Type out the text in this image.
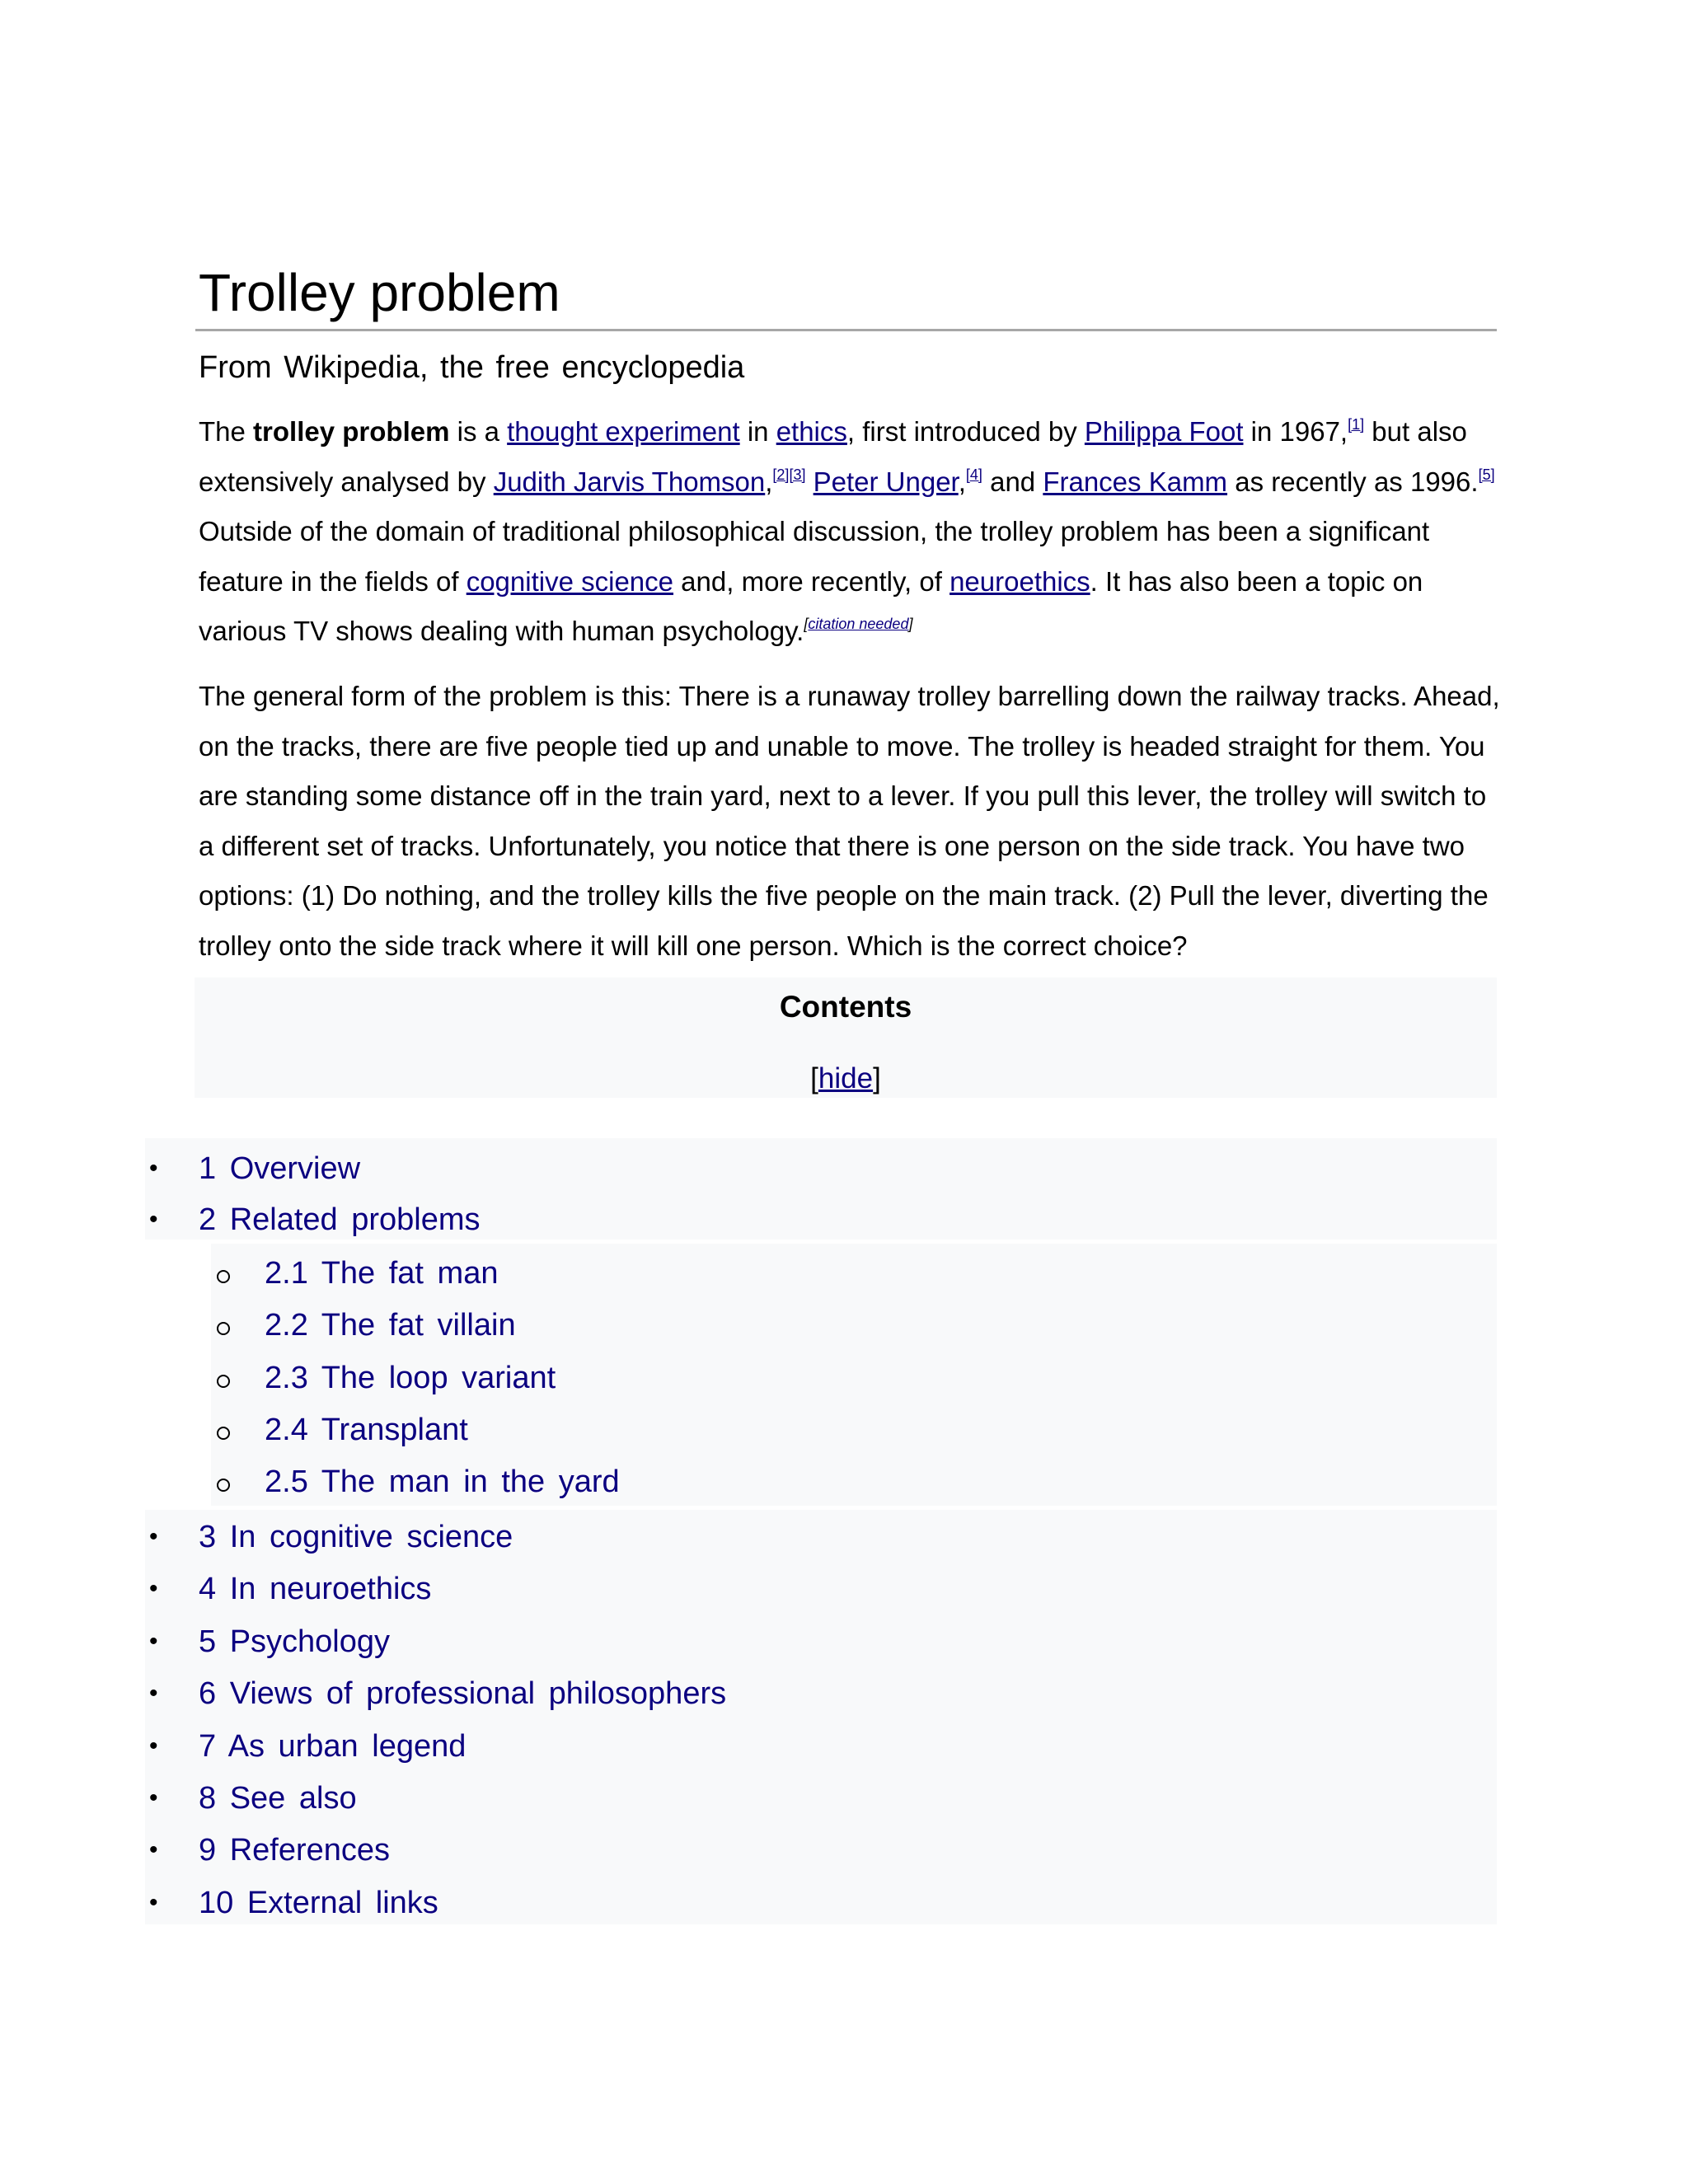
Trolley problem
From Wikipedia, the free encyclopedia

The trolley problem is a thought experiment in ethics, first introduced by Philippa Foot in 1967,[1] but also extensively analysed by Judith Jarvis Thomson,[2][3] Peter Unger,[4] and Frances Kamm as recently as 1996.[5] Outside of the domain of traditional philosophical discussion, the trolley problem has been a significant feature in the fields of cognitive science and, more recently, of neuroethics. It has also been a topic on various TV shows dealing with human psychology.[citation needed]

The general form of the problem is this: There is a runaway trolley barrelling down the railway tracks. Ahead, on the tracks, there are five people tied up and unable to move. The trolley is headed straight for them. You are standing some distance off in the train yard, next to a lever. If you pull this lever, the trolley will switch to a different set of tracks. Unfortunately, you notice that there is one person on the side track. You have two options: (1) Do nothing, and the trolley kills the five people on the main track. (2) Pull the lever, diverting the trolley onto the side track where it will kill one person. Which is the correct choice?

Contents
[hide]
• 1 Overview
• 2 Related problems
2.1 The fat man
2.2 The fat villain
2.3 The loop variant
2.4 Transplant
2.5 The man in the yard
• 3 In cognitive science
• 4 In neuroethics
• 5 Psychology
• 6 Views of professional philosophers
• 7 As urban legend
• 8 See also
• 9 References
• 10 External links
